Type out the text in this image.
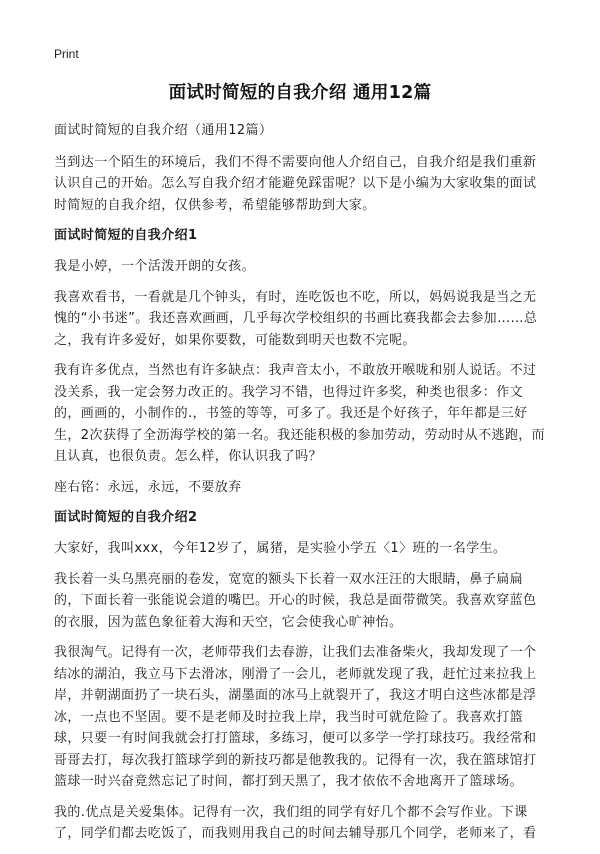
Print
面试时简短的自我介绍 通用12篇

面试时简短的自我介绍（通用12篇）

当到达一个陌生的环境后，我们不得不需要向他人介绍自己，自我介绍是我们重新认识自己的开始。怎么写自我介绍才能避免踩雷呢？以下是小编为大家收集的面试时简短的自我介绍，仅供参考，希望能够帮助到大家。

面试时简短的自我介绍1

我是小婷，一个活泼开朗的女孩。

我喜欢看书，一看就是几个钟头，有时，连吃饭也不吃，所以，妈妈说我是当之无愧的“小书迷”。我还喜欢画画，几乎每次学校组织的书画比赛我都会去参加……总之，我有许多爱好，如果你要数，可能数到明天也数不完呢。

我有许多优点，当然也有许多缺点：我声音太小，不敢放开喉咙和别人说话。不过没关系，我一定会努力改正的。我学习不错，也得过许多奖，种类也很多：作文的，画画的，小制作的.，书签的等等，可多了。我还是个好孩子，年年都是三好生，2次获得了全沥海学校的第一名。我还能积极的参加劳动，劳动时从不逃跑，而且认真，也很负责。怎么样，你认识我了吗？

座右铭：永远，永远，不要放弃

面试时简短的自我介绍2

大家好，我叫xxx，今年12岁了，属猪，是实验小学五〈1〉班的一名学生。

我长着一头乌黑亮丽的卷发，宽宽的额头下长着一双水汪汪的大眼睛，鼻子扁扁的，下面长着一张能说会道的嘴巴。开心的时候，我总是面带微笑。我喜欢穿蓝色的衣服，因为蓝色象征着大海和天空，它会使我心旷神怡。

我很淘气。记得有一次，老师带我们去春游，让我们去准备柴火，我却发现了一个结冰的湖泊，我立马下去滑冰，刚滑了一会儿，老师就发现了我，赶忙过来拉我上岸，并朝湖面扔了一块石头，湖墨面的冰马上就裂开了，我这才明白这些冰都是浮冰，一点也不坚固。要不是老师及时拉我上岸，我当时可就危险了。我喜欢打篮球，只要一有时间我就会打打篮球，多练习，便可以多学一学打球技巧。我经常和哥哥去打，每次我打篮球学到的新技巧都是他教我的。记得有一次，我在篮球馆打篮球一时兴奋竟然忘记了时间，都打到天黑了，我才依依不舍地离开了篮球场。

我的.优点是关爱集体。记得有一次，我们组的同学有好几个都不会写作业。下课了，同学们都去吃饭了，而我则用我自己的时间去辅导那几个同学，老师来了，看
